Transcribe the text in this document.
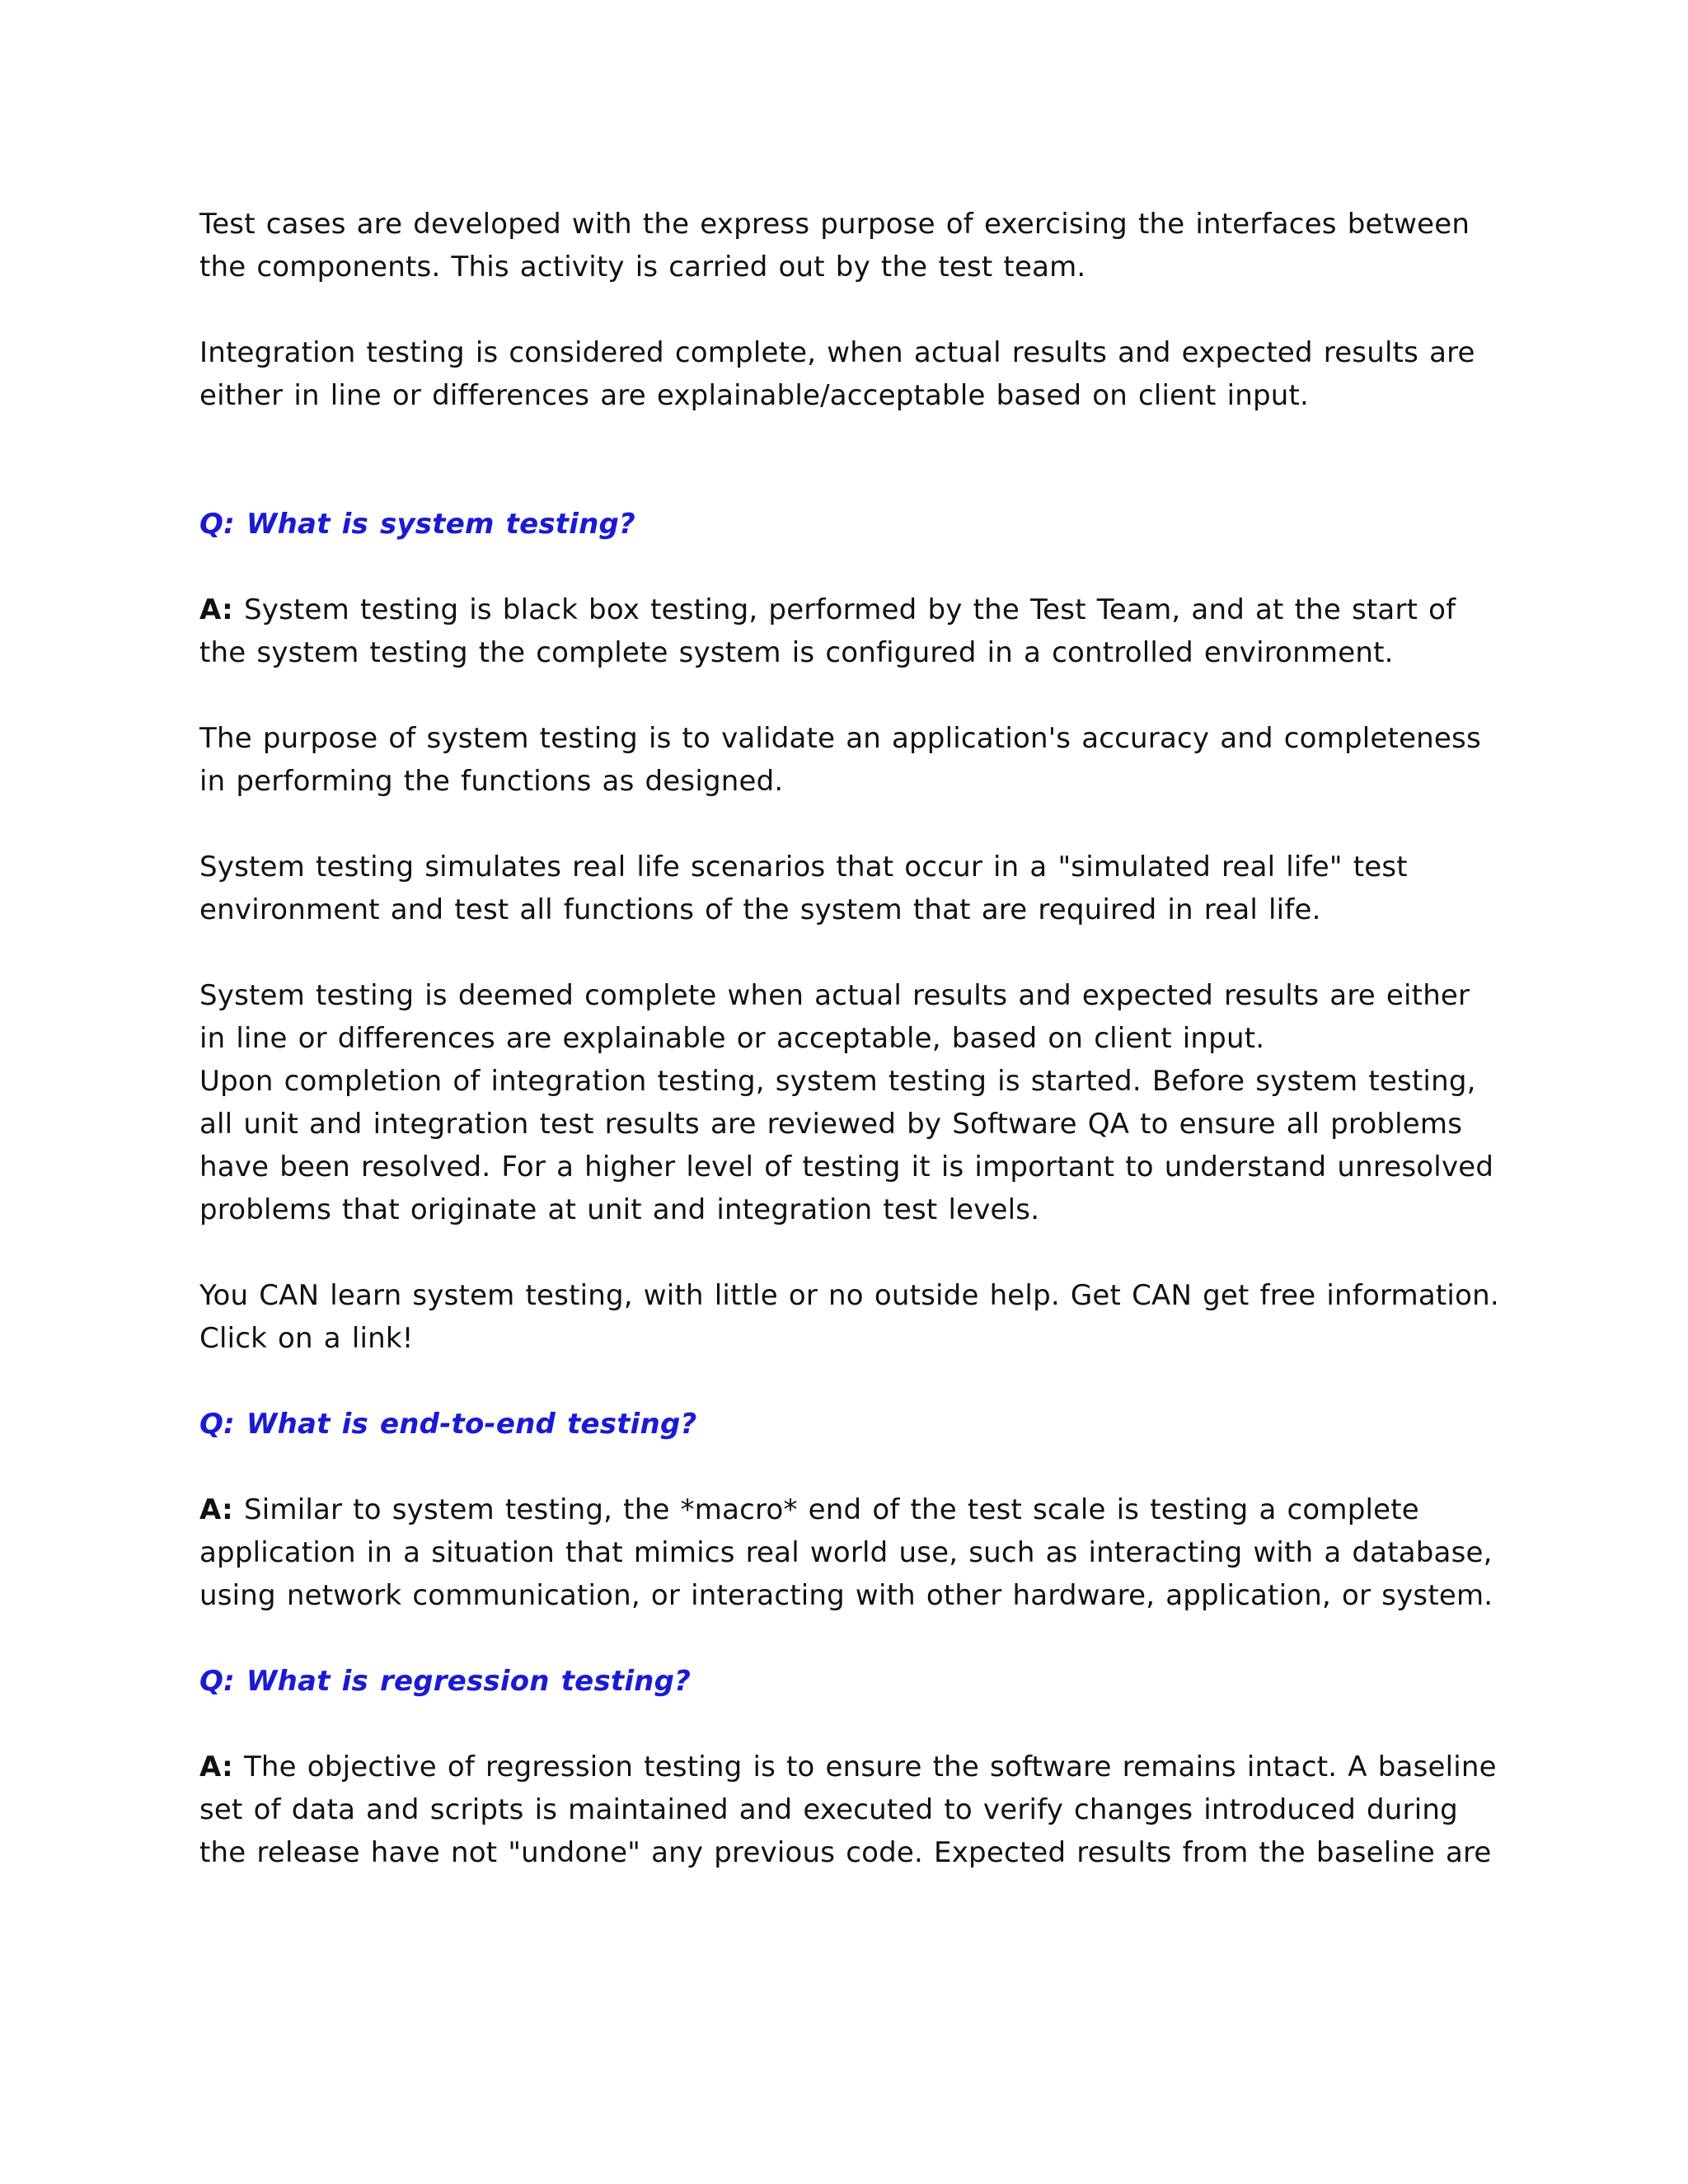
Test cases are developed with the express purpose of exercising the interfaces between the components. This activity is carried out by the test team.

Integration testing is considered complete, when actual results and expected results are either in line or differences are explainable/acceptable based on client input.

Q: What is system testing?

A: System testing is black box testing, performed by the Test Team, and at the start of the system testing the complete system is configured in a controlled environment.

The purpose of system testing is to validate an application's accuracy and completeness in performing the functions as designed.

System testing simulates real life scenarios that occur in a "simulated real life" test environment and test all functions of the system that are required in real life.

System testing is deemed complete when actual results and expected results are either in line or differences are explainable or acceptable, based on client input.

Upon completion of integration testing, system testing is started. Before system testing, all unit and integration test results are reviewed by Software QA to ensure all problems have been resolved. For a higher level of testing it is important to understand unresolved problems that originate at unit and integration test levels.

You CAN learn system testing, with little or no outside help. Get CAN get free information. Click on a link!

Q: What is end-to-end testing?

A: Similar to system testing, the *macro* end of the test scale is testing a complete application in a situation that mimics real world use, such as interacting with a database, using network communication, or interacting with other hardware, application, or system.

Q: What is regression testing?

A: The objective of regression testing is to ensure the software remains intact. A baseline set of data and scripts is maintained and executed to verify changes introduced during the release have not "undone" any previous code. Expected results from the baseline are
